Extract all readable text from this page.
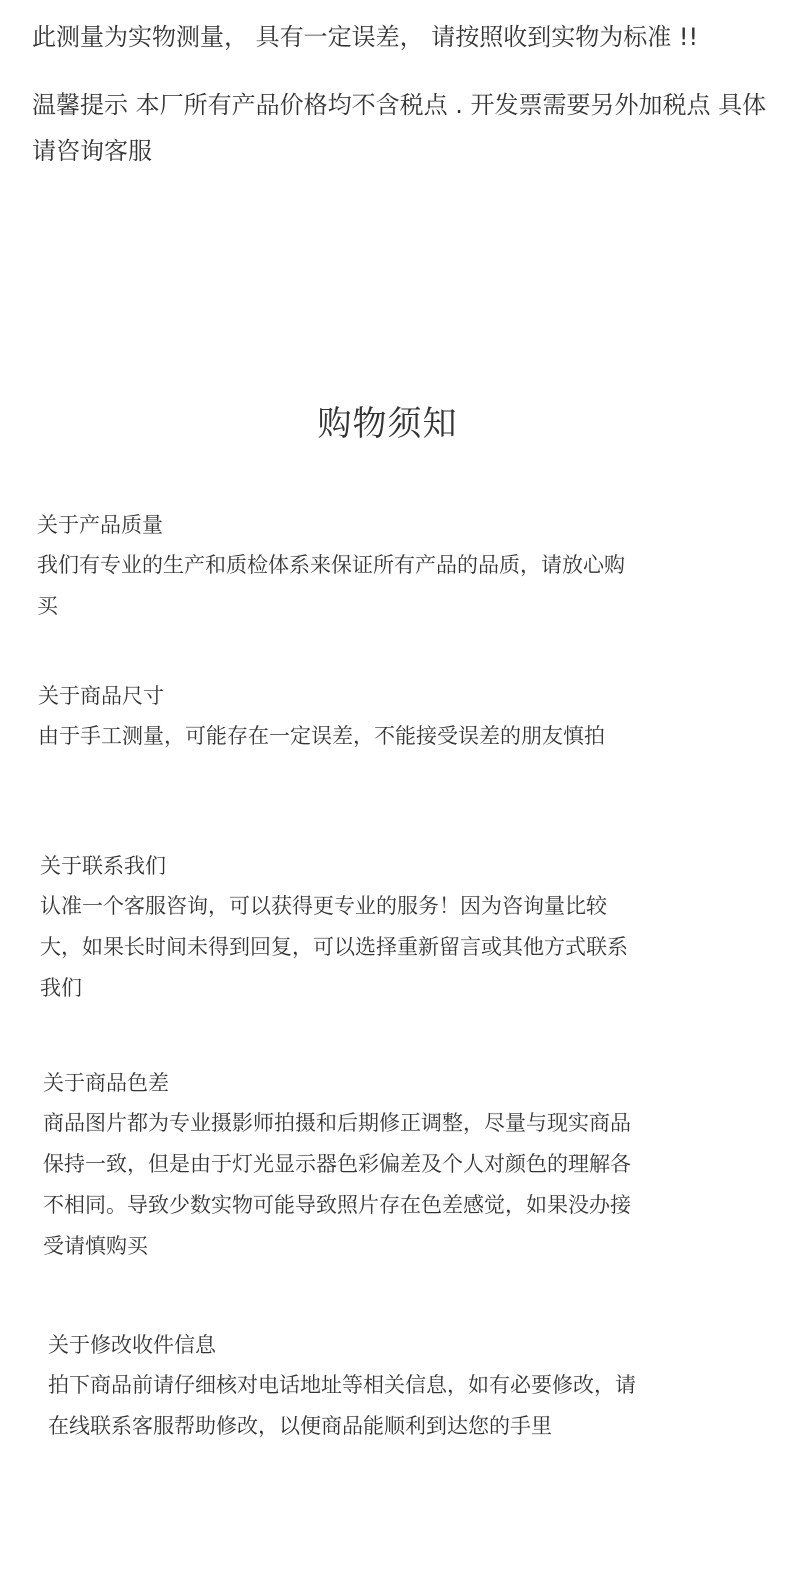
此测量为实物测量， 具有一定误差， 请按照收到实物为标准 !!
温馨提示 本厂所有产品价格均不含税点 . 开发票需要另外加税点 具体请咨询客服
购物须知
关于产品质量
我们有专业的生产和质检体系来保证所有产品的品质，请放心购买
关于商品尺寸
由于手工测量，可能存在一定误差，不能接受误差的朋友慎拍
关于联系我们
认准一个客服咨询，可以获得更专业的服务！因为咨询量比较大，如果长时间未得到回复，可以选择重新留言或其他方式联系我们
关于商品色差
商品图片都为专业摄影师拍摄和后期修正调整，尽量与现实商品保持一致，但是由于灯光显示器色彩偏差及个人对颜色的理解各不相同。导致少数实物可能导致照片存在色差感觉，如果没办接受请慎购买
关于修改收件信息
拍下商品前请仔细核对电话地址等相关信息，如有必要修改，请在线联系客服帮助修改，以便商品能顺利到达您的手里
